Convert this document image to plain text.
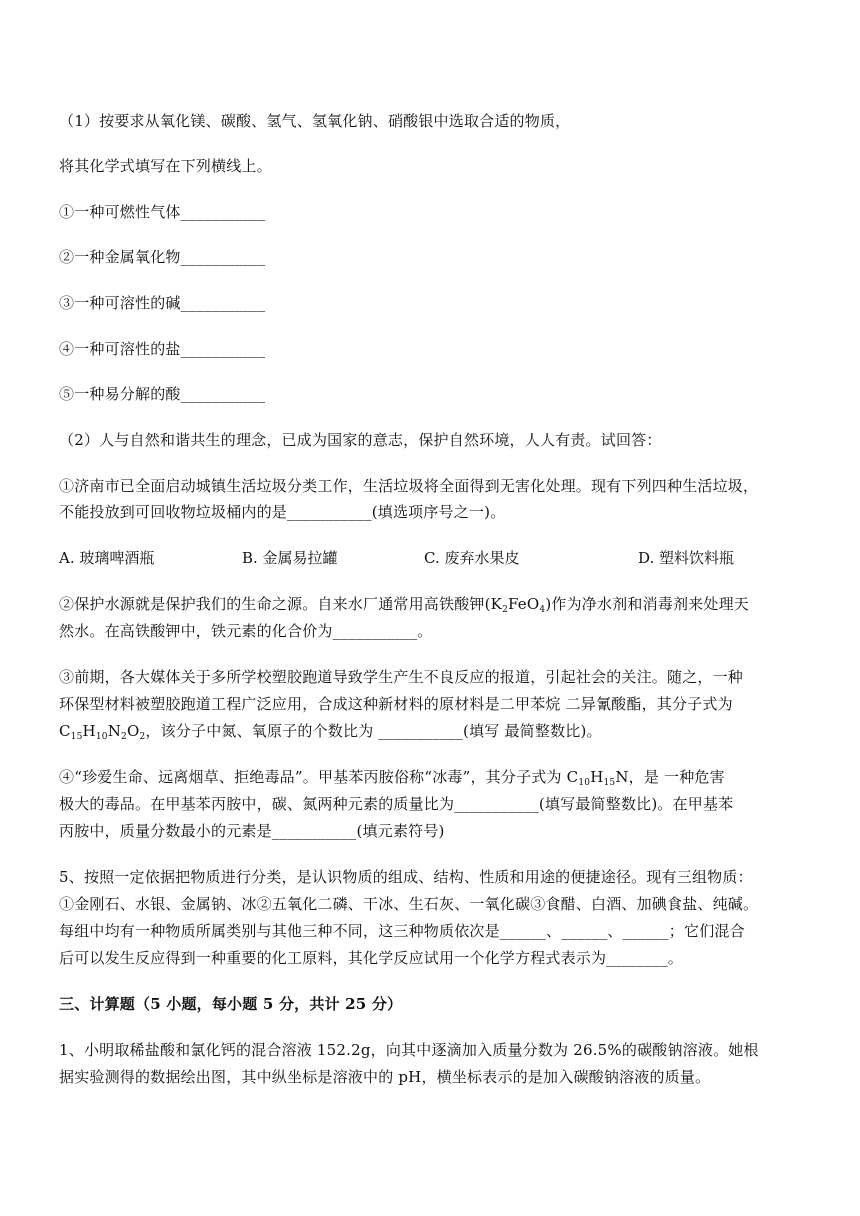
（1）按要求从氧化镁、碳酸、氢气、氢氧化钠、硝酸银中选取合适的物质，
将其化学式填写在下列横线上。
①一种可燃性气体___________
②一种金属氧化物___________
③一种可溶性的碱___________
④一种可溶性的盐___________
⑤一种易分解的酸___________
（2）人与自然和谐共生的理念，已成为国家的意志，保护自然环境，人人有责。试回答：
①济南市已全面启动城镇生活垃圾分类工作，生活垃圾将全面得到无害化处理。现有下列四种生活垃圾，
不能投放到可回收物垃圾桶内的是___________(填选项序号之一)。
A. 玻璃啤酒瓶	B. 金属易拉罐	C. 废弃水果皮	D. 塑料饮料瓶
②保护水源就是保护我们的生命之源。自来水厂通常用高铁酸钾$(K_2FeO_4)$作为净水剂和消毒剂来处理天
然水。在高铁酸钾中，铁元素的化合价为___________。
③前期，各大媒体关于多所学校塑胶跑道导致学生产生不良反应的报道，引起社会的关注。随之，一种
环保型材料被塑胶跑道工程广泛应用，合成这种新材料的原材料是二甲苯烷 二异氰酸酯，其分子式为
$C_{15}H_{10}N_2O_2$，该分子中氮、氧原子的个数比为 ___________(填写 最简整数比)。
④“珍爱生命、远离烟草、拒绝毒品”。甲基苯丙胺俗称“冰毒”，其分子式为 $C_{10}H_{15}N$，是 一种危害
极大的毒品。在甲基苯丙胺中，碳、氮两种元素的质量比为___________(填写最简整数比)。在甲基苯
丙胺中，质量分数最小的元素是___________(填元素符号)
5、按照一定依据把物质进行分类，是认识物质的组成、结构、性质和用途的便捷途径。现有三组物质：
①金刚石、水银、金属钠、冰②五氧化二磷、干冰、生石灰、一氧化碳③食醋、白酒、加碘食盐、纯碱。
每组中均有一种物质所属类别与其他三种不同，这三种物质依次是______、______、______；它们混合
后可以发生反应得到一种重要的化工原料，其化学反应试用一个化学方程式表示为________。
三、计算题（5 小题，每小题 5 分，共计 25 分）
1、小明取稀盐酸和氯化钙的混合溶液 152.2g，向其中逐滴加入质量分数为 26.5%的碳酸钠溶液。她根
据实验测得的数据绘出图，其中纵坐标是溶液中的 pH，横坐标表示的是加入碳酸钠溶液的质量。
